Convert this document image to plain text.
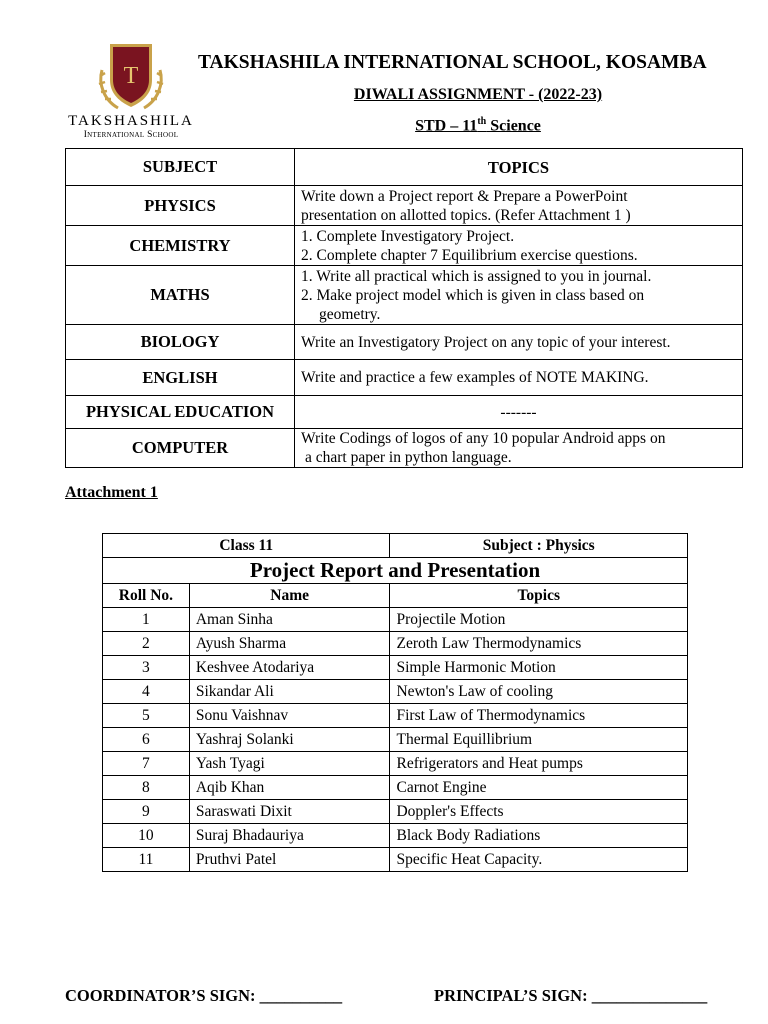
T
TAKSHASHILA
International School
TAKSHASHILA INTERNATIONAL SCHOOL, KOSAMBA
DIWALI ASSIGNMENT - (2022-23)
STD – 11th Science
SUBJECT	TOPICS
PHYSICS	Write down a Project report & Prepare a PowerPoint
presentation on allotted topics. (Refer Attachment 1 )

CHEMISTRY	1. Complete Investigatory Project.
2. Complete chapter 7 Equilibrium exercise questions.

MATHS	1. Write all practical which is assigned to you in journal.
2. Make project model which is given in class based on
geometry.

BIOLOGY	Write an Investigatory Project on any topic of your interest.

ENGLISH	Write and practice a few examples of NOTE MAKING.

PHYSICAL EDUCATION	-------

COMPUTER	Write Codings of logos of any 10 popular Android apps on
a chart paper in python language.
Attachment 1
Class 11		Subject : Physics
Project Report and Presentation		
Roll No.	Name	Topics
1	Aman Sinha	Projectile Motion
2	Ayush Sharma	Zeroth Law Thermodynamics
3	Keshvee Atodariya	Simple Harmonic Motion
4	Sikandar Ali	Newton's Law of cooling
5	Sonu Vaishnav	First Law of Thermodynamics
6	Yashraj Solanki	Thermal Equillibrium
7	Yash Tyagi	Refrigerators and Heat pumps
8	Aqib Khan	Carnot Engine
9	Saraswati Dixit	Doppler's Effects
10	Suraj Bhadauriya	Black Body Radiations
11	Pruthvi Patel	Specific Heat Capacity.
COORDINATOR’S SIGN: __________	PRINCIPAL’S SIGN: ______________
